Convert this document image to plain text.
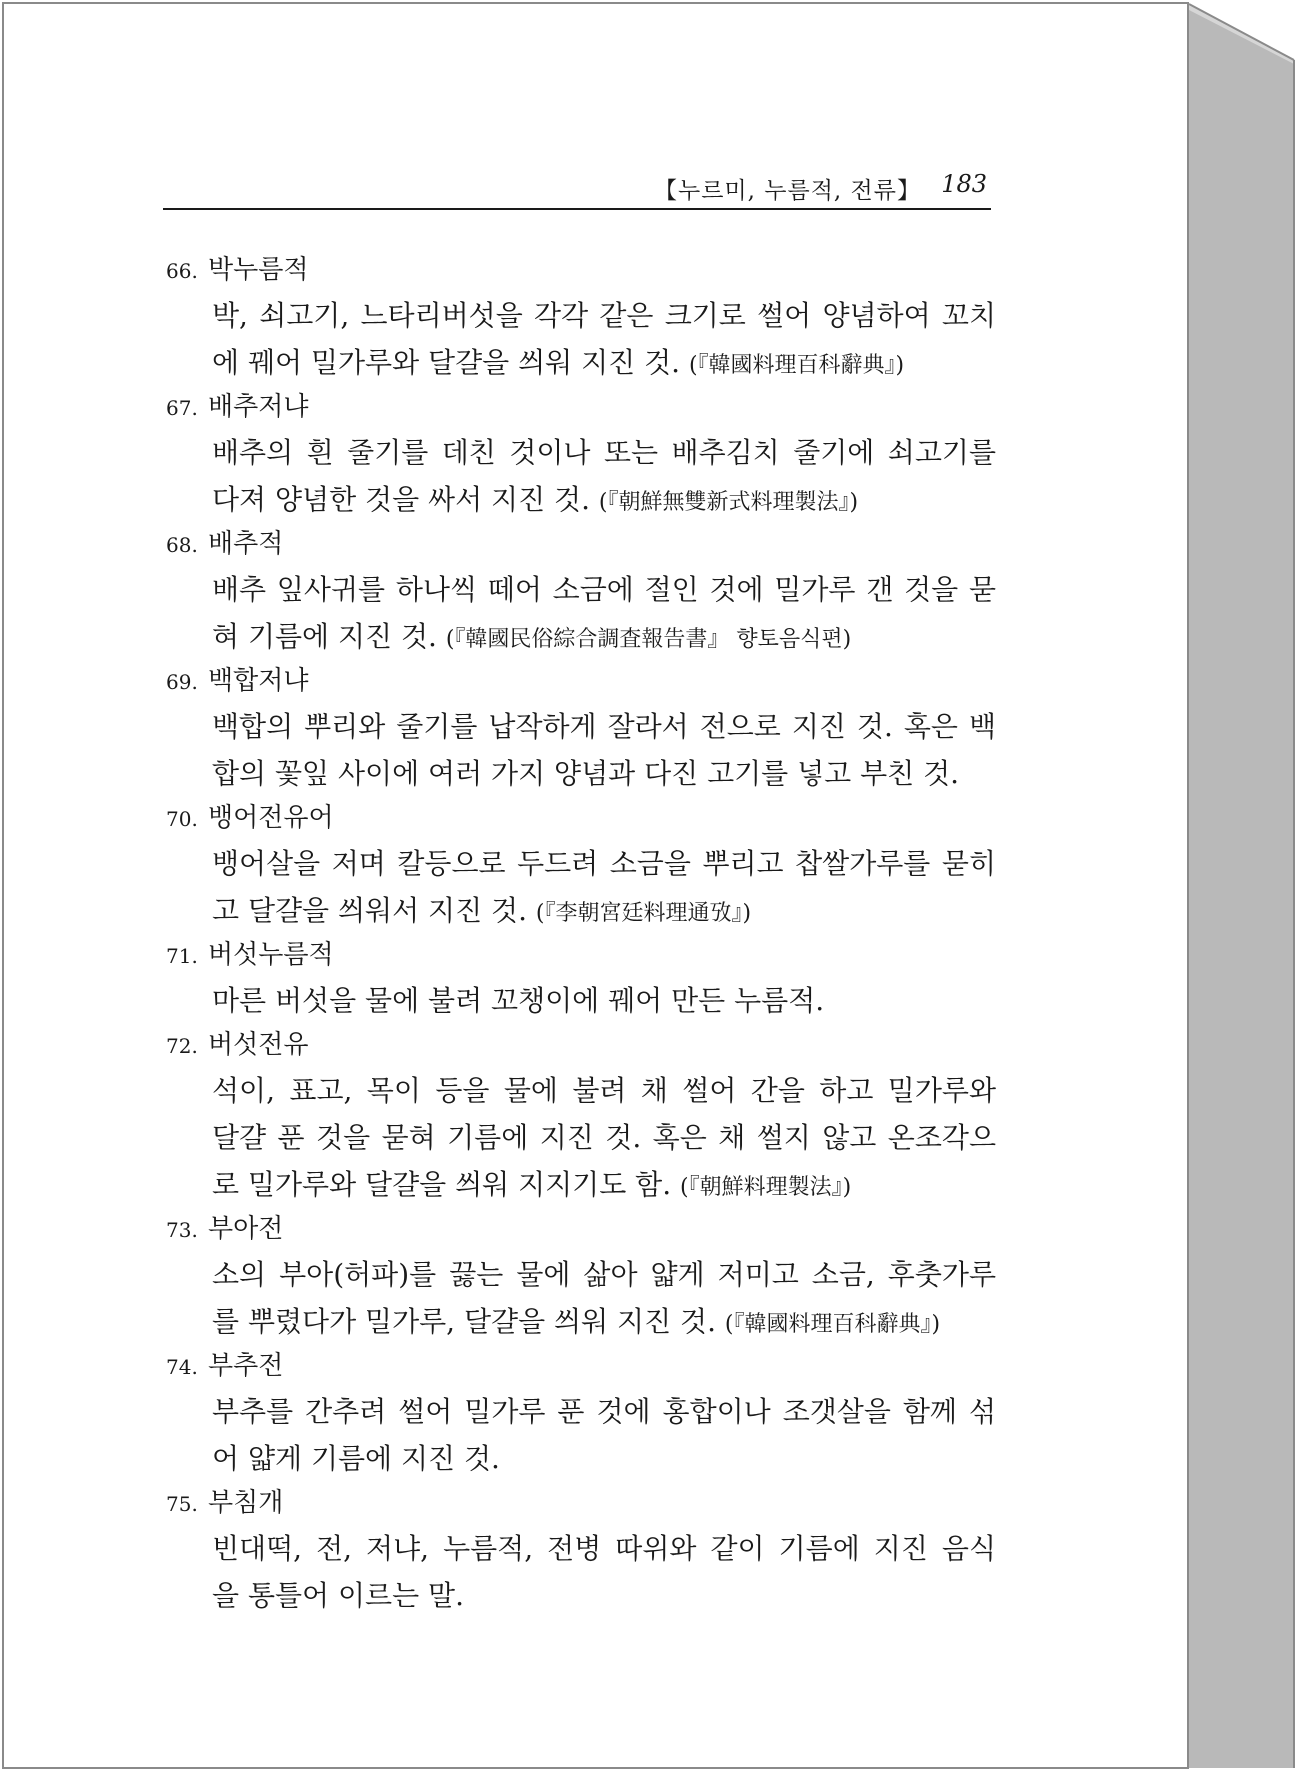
【누르미, 누름적, 전류】 183
66. 박누름적
박, 쇠고기, 느타리버섯을 각각 같은 크기로 썰어 양념하여 꼬치
에 꿰어 밀가루와 달걀을 씌워 지진 것. (『韓國料理百科辭典』)
67. 배추저냐
배추의 흰 줄기를 데친 것이나 또는 배추김치 줄기에 쇠고기를
다져 양념한 것을 싸서 지진 것. (『朝鮮無雙新式料理製法』)
68. 배추적
배추 잎사귀를 하나씩 떼어 소금에 절인 것에 밀가루 갠 것을 묻
혀 기름에 지진 것. (『韓國民俗綜合調査報告書』 향토음식편)
69. 백합저냐
백합의 뿌리와 줄기를 납작하게 잘라서 전으로 지진 것. 혹은 백
합의 꽃잎 사이에 여러 가지 양념과 다진 고기를 넣고 부친 것.
70. 뱅어전유어
뱅어살을 저며 칼등으로 두드려 소금을 뿌리고 찹쌀가루를 묻히
고 달걀을 씌워서 지진 것. (『李朝宮廷料理通攷』)
71. 버섯누름적
마른 버섯을 물에 불려 꼬챙이에 꿰어 만든 누름적.
72. 버섯전유
석이, 표고, 목이 등을 물에 불려 채 썰어 간을 하고 밀가루와
달걀 푼 것을 묻혀 기름에 지진 것. 혹은 채 썰지 않고 온조각으
로 밀가루와 달걀을 씌워 지지기도 함. (『朝鮮料理製法』)
73. 부아전
소의 부아(허파)를 끓는 물에 삶아 얇게 저미고 소금, 후춧가루
를 뿌렸다가 밀가루, 달걀을 씌워 지진 것. (『韓國料理百科辭典』)
74. 부추전
부추를 간추려 썰어 밀가루 푼 것에 홍합이나 조갯살을 함께 섞
어 얇게 기름에 지진 것.
75. 부침개
빈대떡, 전, 저냐, 누름적, 전병 따위와 같이 기름에 지진 음식
을 통틀어 이르는 말.
